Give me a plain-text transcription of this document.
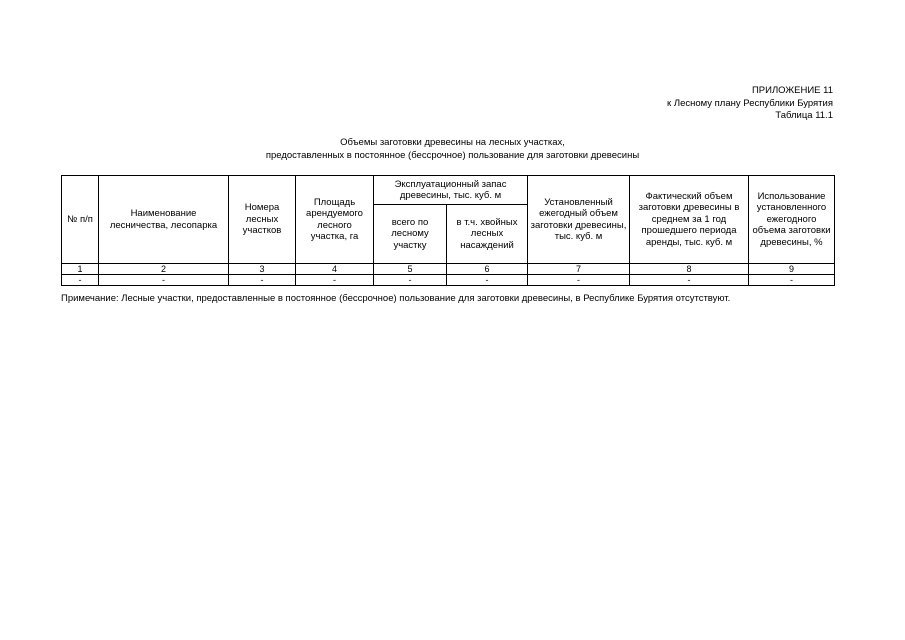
ПРИЛОЖЕНИЕ 11
к Лесному плану Республики Бурятия
Таблица 11.1
Объемы заготовки древесины на лесных участках,
предоставленных в постоянное (бессрочное) пользование для заготовки древесины
№ п/п	Наименование лесничества, лесопарка	Номера лесных участков	Площадь арендуемого лесного участка, га	Эксплуатационный запас древесины, тыс. куб. м		Установленный ежегодный объем заготовки древесины, тыс. куб. м	Фактический объем заготовки древесины в среднем за 1 год прошедшего периода аренды, тыс. куб. м	Использование установленного ежегодного объема заготовки древесины, %
				всего по лесному участку	в т.ч. хвойных лесных насаждений			
1	2	3	4	5	6	7	8	9
-	-	-	-	-	-	-	-	-
Примечание: Лесные участки, предоставленные в постоянное (бессрочное) пользование для заготовки древесины, в Республике Бурятия отсутствуют.
